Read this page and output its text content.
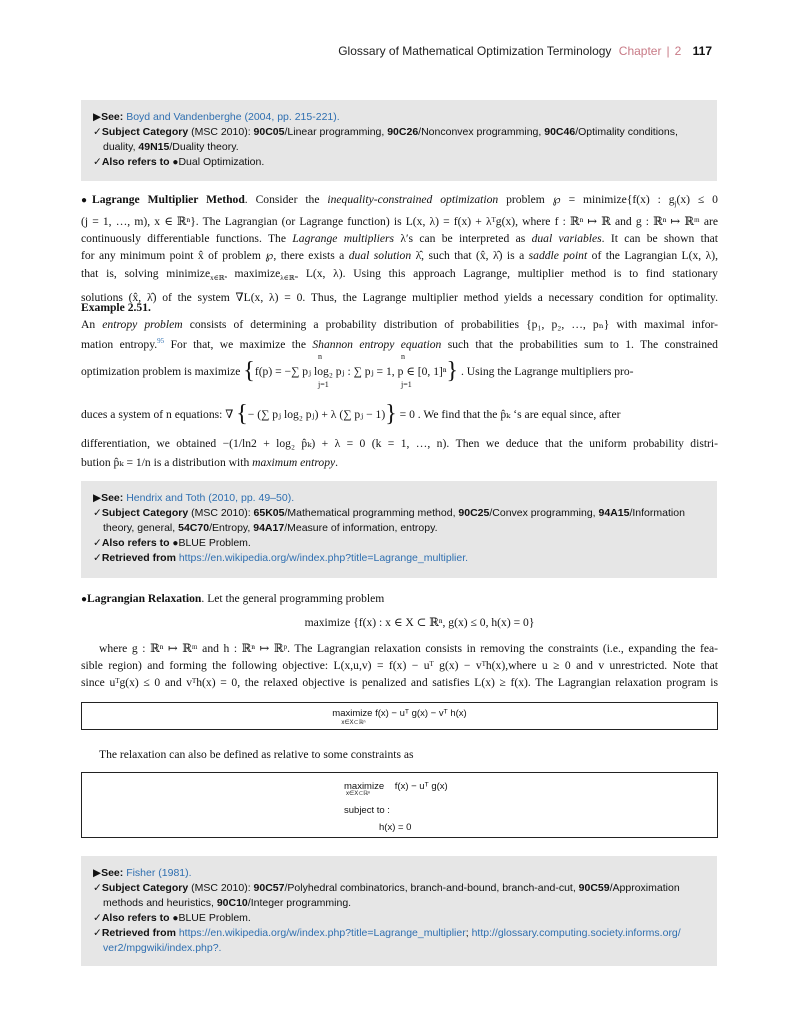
Glossary of Mathematical Optimization Terminology Chapter | 2 117

▶See: Boyd and Vandenberghe (2004, pp. 215-221).

✓Subject Category (MSC 2010): 90C05/Linear programming, 90C26/Nonconvex programming, 90C46/Optimality conditions,

duality, 49N15/Duality theory.

✓Also refers to ●Dual Optimization.

●Lagrange Multiplier Method. Consider the inequality-constrained optimization problem ℘ = minimize{f(x) : $g_j(x) \le 0$

(j = 1, …, m), x ∈ ℝⁿ}. The Lagrangian (or Lagrange function) is L(x, λ) = f(x) + λᵀg(x), where f : ℝⁿ ↦ ℝ and g : ℝⁿ ↦ ℝᵐ are

continuously differentiable functions. The Lagrange multipliers λ′s can be interpreted as dual variables. It can be shown that

for any minimum point x̂ of problem ℘, there exists a dual solution λ̂, such that (x̂, λ̂) is a saddle point of the Lagrangian L(x, λ),

that is, solving minimize$_{x\in ℝ^n}$ maximize$_{\lambda\in ℝᵐ}$ L(x, λ). Using this approach Lagrange, multiplier method is to find stationary

solutions (x̂, λ̂) of the system ∇L(x, λ) = 0. Thus, the Lagrange multiplier method yields a necessary condition for optimality.

Example 2.51.

An entropy problem consists of determining a probability distribution of probabilities {p₁, p₂, …, pₙ} with maximal infor-

mation entropy.$^{95}$ For that, we maximize the Shannon entropy equation such that the probabilities sum to 1. The constrained

optimization problem is maximize {f(p) = −∑ pⱼ log₂ pⱼ : ∑ pⱼ = 1, p ∈ [0, 1]ⁿ} . Using the Lagrange multipliers pro-
n
j=1
n
j=1
duces a system of n equations: ∇ {− (∑ pⱼ log₂ pⱼ) + λ (∑ pⱼ − 1)} = 0 . We find that the p̂ₖ ‘s are equal since, after

differentiation, we obtained −(1/ln2 + log₂ p̂ₖ) + λ = 0 (k = 1, …, n). Then we deduce that the uniform probability distri-

bution p̂ₖ = 1/n is a distribution with maximum entropy.

▶See: Hendrix and Toth (2010, pp. 49–50).

✓Subject Category (MSC 2010): 65K05/Mathematical programming method, 90C25/Convex programming, 94A15/Information

theory, general, 54C70/Entropy, 94A17/Measure of information, entropy.

✓Also refers to ●BLUE Problem.

✓Retrieved from https://en.wikipedia.org/w/index.php?title=Lagrange_multiplier.

●Lagrangian Relaxation. Let the general programming problem

maximize {f(x) : x ∈ X ⊂ ℝⁿ, g(x) ≤ 0, h(x) = 0}

where g : ℝⁿ ↦ ℝᵐ and h : ℝⁿ ↦ ℝᵖ. The Lagrangian relaxation consists in removing the constraints (i.e., expanding the fea-

sible region) and forming the following objective: L(x,u,v) = f(x) − uᵀ g(x) − vᵀh(x),where u ≥ 0 and v unrestricted. Note that

since uᵀg(x) ≤ 0 and vᵀh(x) = 0, the relaxed objective is penalized and satisfies L(x) ≥ f(x). The Lagrangian relaxation program is

maximizex∈X⊂ℝⁿ f(x) − uᵀ g(x) − vᵀ h(x)

The relaxation can also be defined as relative to some constraints as

maximize f(x) − uᵀ g(x)
x∈X⊂ℝⁿ
subject to :
h(x) = 0

▶See: Fisher (1981).

✓Subject Category (MSC 2010): 90C57/Polyhedral combinatorics, branch-and-bound, branch-and-cut, 90C59/Approximation

methods and heuristics, 90C10/Integer programming.

✓Also refers to ●BLUE Problem.

✓Retrieved from https://en.wikipedia.org/w/index.php?title=Lagrange_multiplier; http://glossary.computing.society.informs.org/

ver2/mpgwiki/index.php?.
